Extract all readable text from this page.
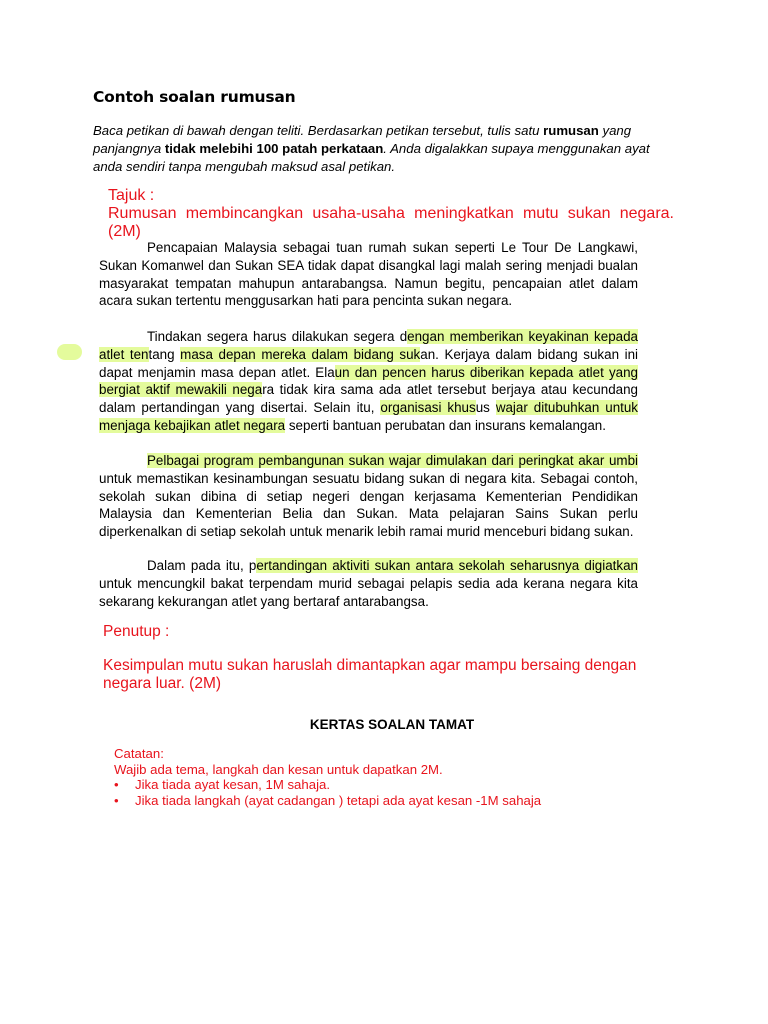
Contoh soalan rumusan
Baca petikan di bawah dengan teliti. Berdasarkan petikan tersebut, tulis satu rumusan yang panjangnya tidak melebihi 100 patah perkataan. Anda digalakkan supaya menggunakan ayat anda sendiri tanpa mengubah maksud asal petikan.
Tajuk :
Rumusan membincangkan usaha-usaha meningkatkan mutu sukan negara.
(2M)
Pencapaian Malaysia sebagai tuan rumah sukan seperti Le Tour De Langkawi, Sukan Komanwel dan Sukan SEA tidak dapat disangkal lagi malah sering menjadi bualan masyarakat tempatan mahupun antarabangsa. Namun begitu, pencapaian atlet dalam acara sukan tertentu menggusarkan hati para pencinta sukan negara.
Tindakan segera harus dilakukan segera dengan memberikan keyakinan kepada atlet tentang masa depan mereka dalam bidang sukan. Kerjaya dalam bidang sukan ini dapat menjamin masa depan atlet. Elaun dan pencen harus diberikan kepada atlet yang bergiat aktif mewakili negara tidak kira sama ada atlet tersebut berjaya atau kecundang dalam pertandingan yang disertai. Selain itu, organisasi khusus wajar ditubuhkan untuk menjaga kebajikan atlet negara seperti bantuan perubatan dan insurans kemalangan.
Pelbagai program pembangunan sukan wajar dimulakan dari peringkat akar umbi untuk memastikan kesinambungan sesuatu bidang sukan di negara kita. Sebagai contoh, sekolah sukan dibina di setiap negeri dengan kerjasama Kementerian Pendidikan Malaysia dan Kementerian Belia dan Sukan. Mata pelajaran Sains Sukan perlu diperkenalkan di setiap sekolah untuk menarik lebih ramai murid menceburi bidang sukan.
Dalam pada itu, pertandingan aktiviti sukan antara sekolah seharusnya digiatkan untuk mencungkil bakat terpendam murid sebagai pelapis sedia ada kerana negara kita sekarang kekurangan atlet yang bertaraf antarabangsa.
Penutup :
Kesimpulan mutu sukan haruslah dimantapkan agar mampu bersaing dengan negara luar. (2M)
KERTAS SOALAN TAMAT
Catatan:
Wajib ada tema, langkah dan kesan untuk dapatkan 2M.
• Jika tiada ayat kesan, 1M sahaja.
• Jika tiada langkah (ayat cadangan ) tetapi ada ayat kesan -1M sahaja
